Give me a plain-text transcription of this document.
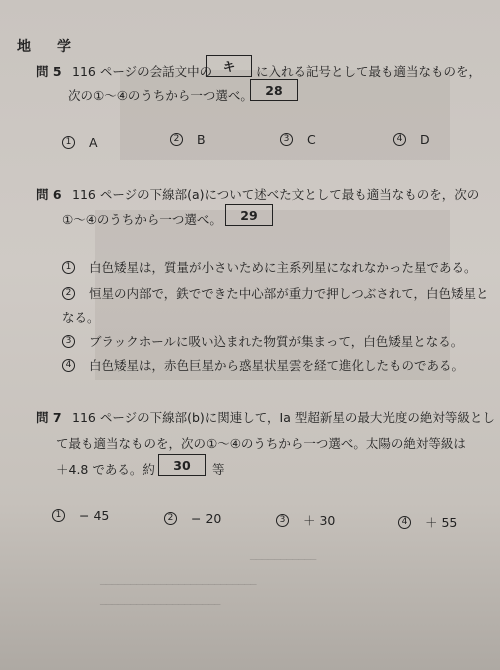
地　学
問 5 116 ページの会話文中の キ	に入れる記号として最も適当なものを，
次の①～④のうちから一つ選べ。 28
1 A	2 B	3 C	4 D
問 6 116 ページの下線部(a)について述べた文として最も適当なものを，次の
①～④のうちから一つ選べ。	29
1 白色矮星は，質量が小さいために主系列星になれなかった星である。
2 恒星の内部で，鉄でできた中心部が重力で押しつぶされて，白色矮星と
なる。
3 ブラックホールに吸い込まれた物質が集まって，白色矮星となる。
4 白色矮星は，赤色巨星から惑星状星雲を経て進化したものである。
問 7 116 ページの下線部(b)に関連して，Ia 型超新星の最大光度の絶対等級とし
て最も適当なものを，次の①～④のうちから一つ選べ。太陽の絶対等級は
＋4.8 である。約	30	等
1 − 45	2 − 20	3 ＋ 30	4 ＋ 55
───────────
──────────────────────────
────────────────────
